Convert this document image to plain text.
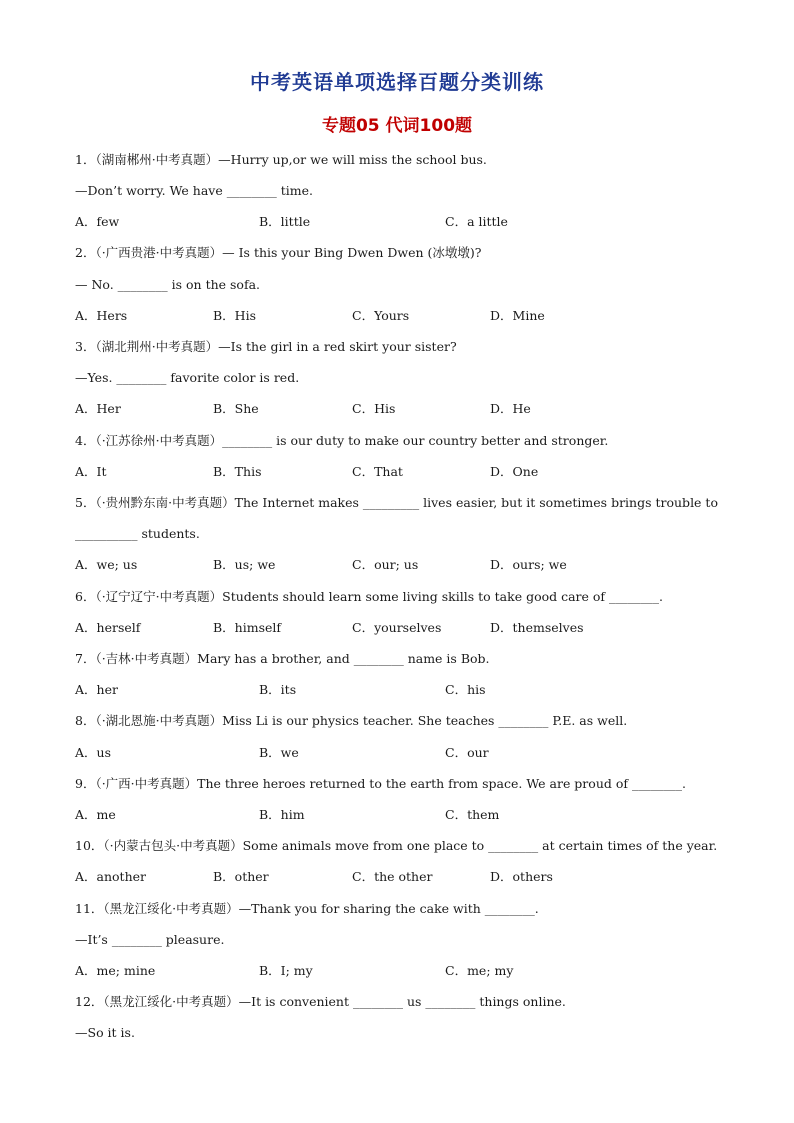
中考英语单项选择百题分类训练
专题05 代词100题
1．（湖南郴州·中考真题）—Hurry up,or we will miss the school bus.
—Don’t worry. We have ________ time.
A．few	B．little	C．a little
2．（·广西贵港·中考真题）— Is this your Bing Dwen Dwen (冰墩墩)?
— No. ________ is on the sofa.
A．Hers	B．His	C．Yours	D．Mine
3．（湖北荆州·中考真题）—Is the girl in a red skirt your sister?
—Yes. ________ favorite color is red.
A．Her	B．She	C．His	D．He
4．（·江苏徐州·中考真题）________ is our duty to make our country better and stronger.
A．It	B．This	C．That	D．One
5．（·贵州黔东南·中考真题）The Internet makes _________ lives easier, but it sometimes brings trouble to
__________ students.
A．we; us	B．us; we	C．our; us	D．ours; we
6．（·辽宁辽宁·中考真题）Students should learn some living skills to take good care of ________.
A．herself	B．himself	C．yourselves	D．themselves
7．（·吉林·中考真题）Mary has a brother, and ________ name is Bob.
A．her	B．its	C．his
8．（·湖北恩施·中考真题）Miss Li is our physics teacher. She teaches ________ P.E. as well.
A．us	B．we	C．our
9．（·广西·中考真题）The three heroes returned to the earth from space. We are proud of ________.
A．me	B．him	C．them
10．（·内蒙古包头·中考真题）Some animals move from one place to ________ at certain times of the year.
A．another	B．other	C．the other	D．others
11．（黑龙江绥化·中考真题）—Thank you for sharing the cake with ________.
—It’s ________ pleasure.
A．me; mine	B．I; my	C．me; my
12．（黑龙江绥化·中考真题）—It is convenient ________ us ________ things online.
—So it is.
